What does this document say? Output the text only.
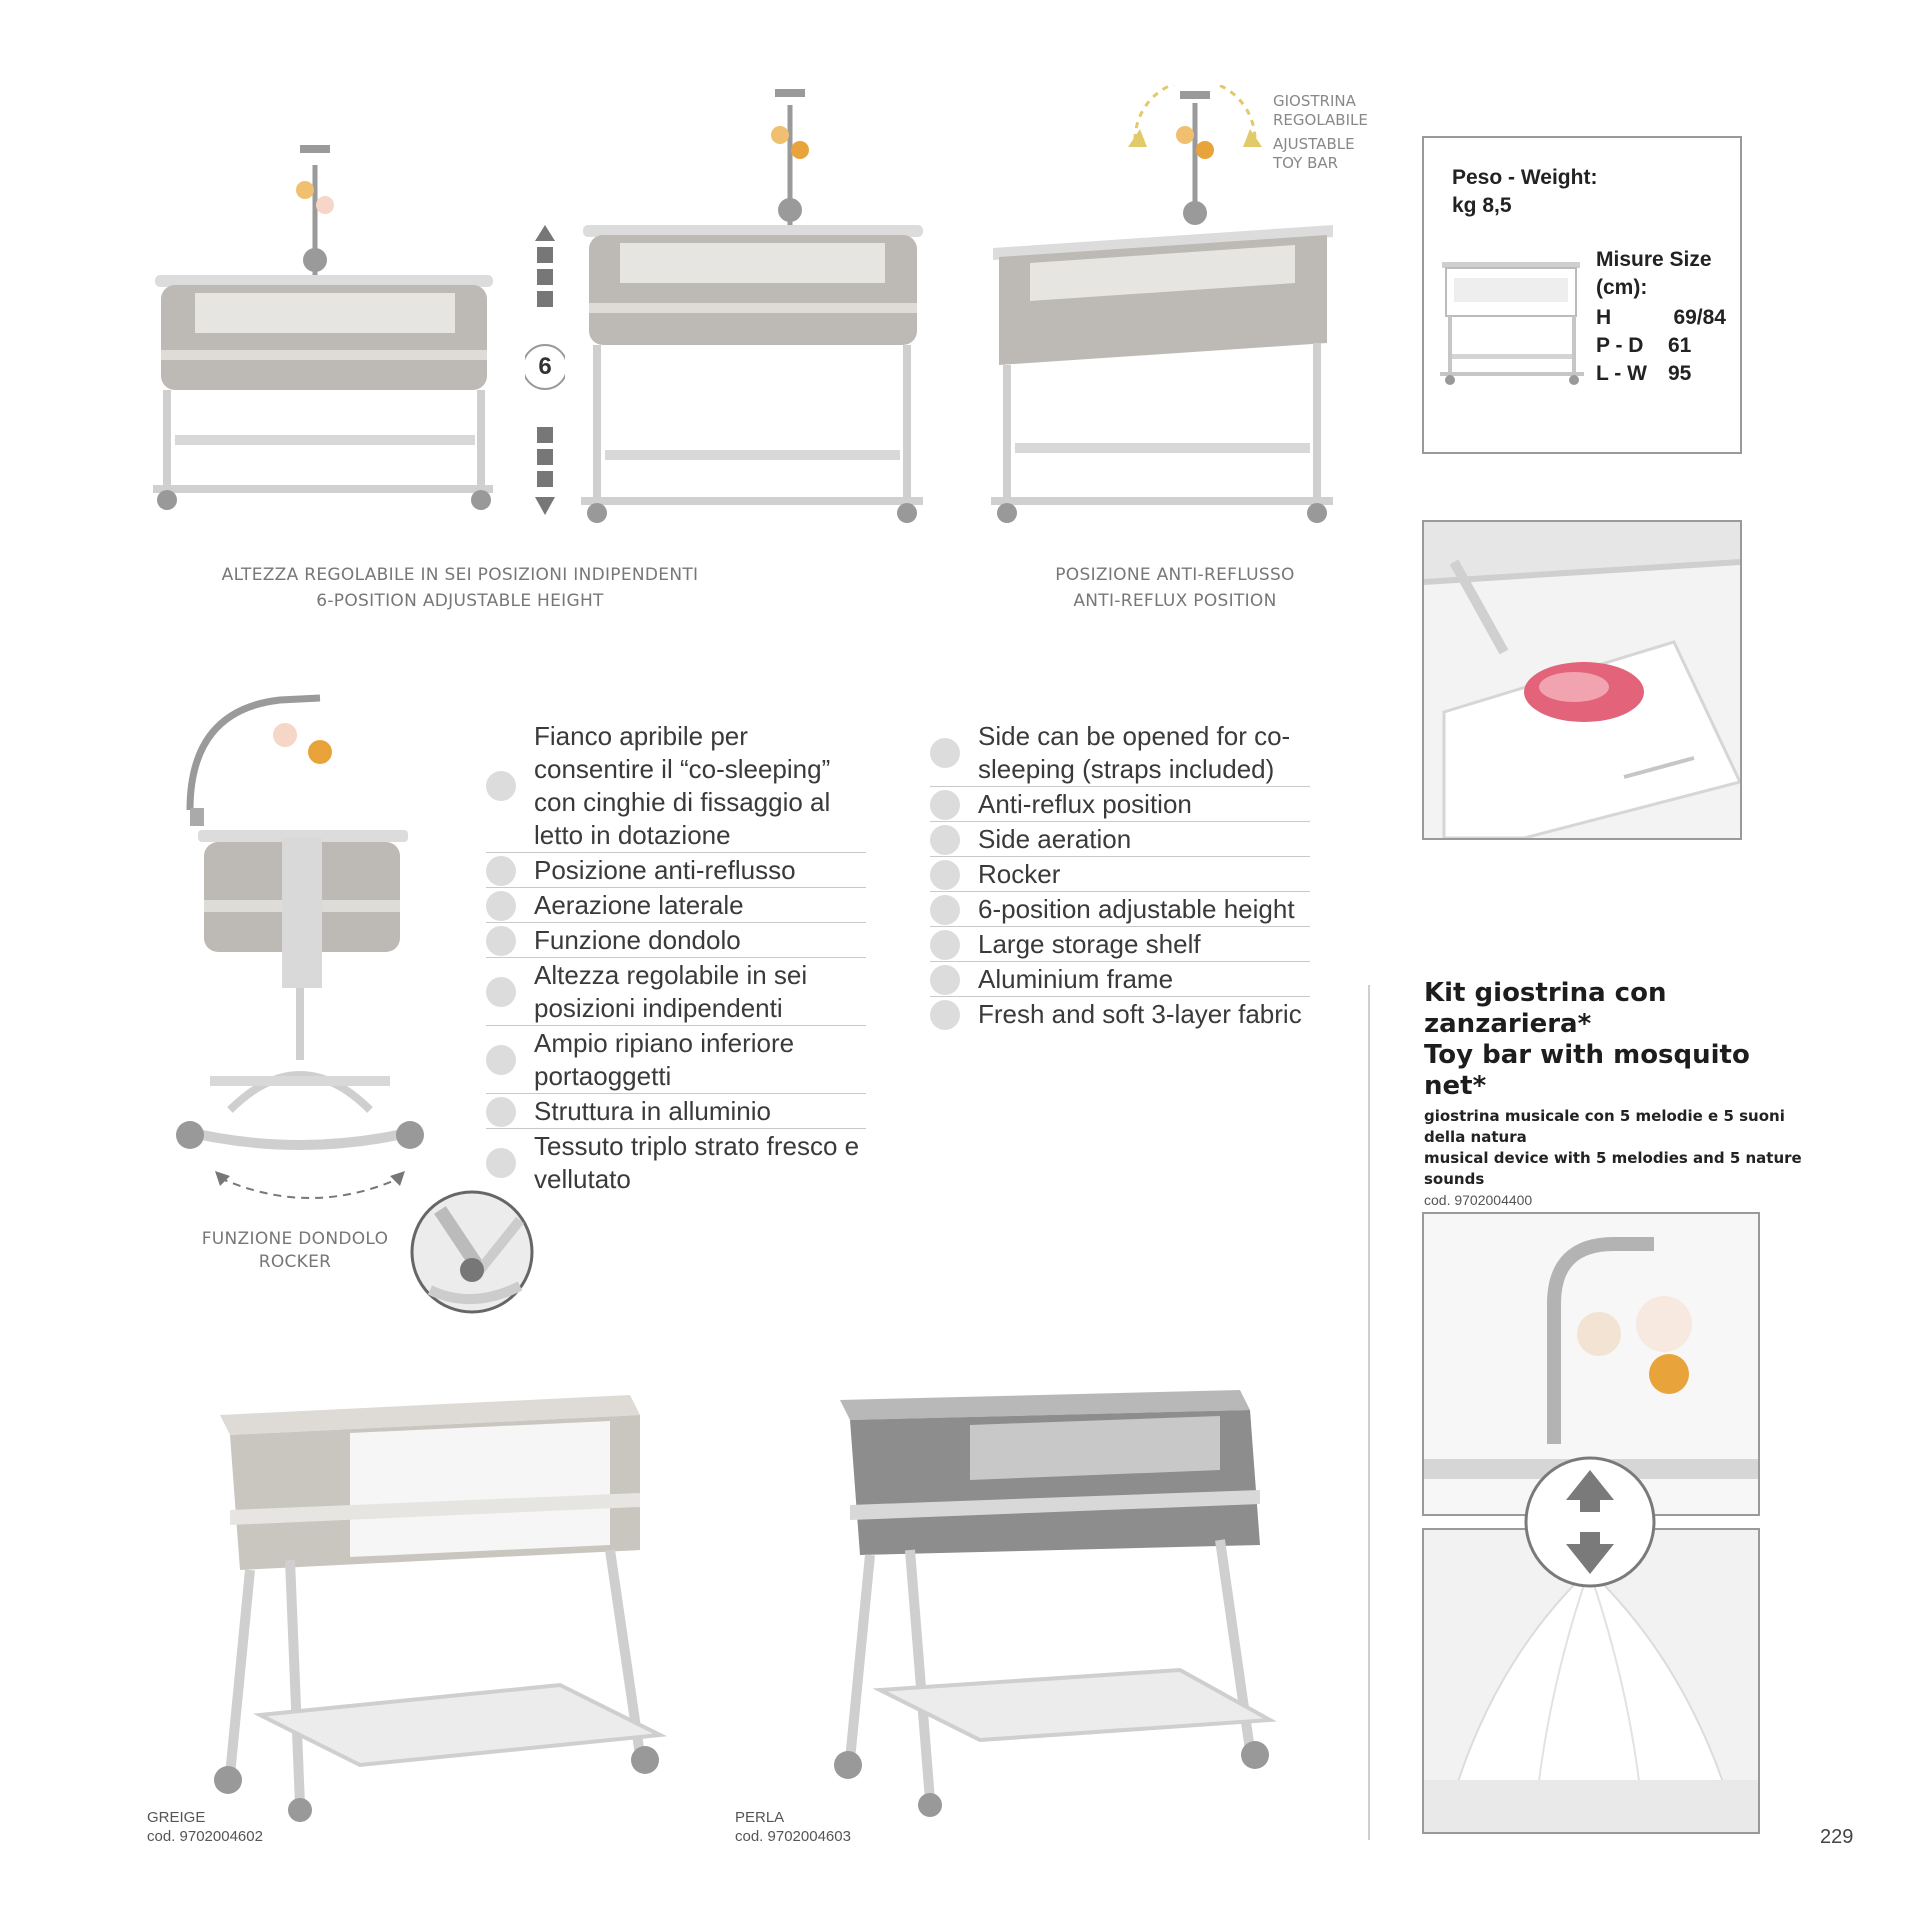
6
GIOSTRINA
REGOLABILE
AJUSTABLE
TOY BAR
ALTEZZA REGOLABILE IN SEI POSIZIONI INDIPENDENTI
6-POSITION ADJUSTABLE HEIGHT
POSIZIONE ANTI-REFLUSSO
ANTI-REFLUX POSITION
Peso - Weight:
kg 8,5
Misure Size
(cm):
H	69/84
P - D	61
L - W	95
FUNZIONE DONDOLO
ROCKER
Fianco apribile per consentire il “co-sleeping” con cinghie di fissaggio al letto in dotazione
Posizione anti-reflusso
Aerazione laterale
Funzione dondolo
Altezza regolabile in sei posizioni indipendenti
Ampio ripiano inferiore portaoggetti
Struttura in alluminio
Tessuto triplo strato fresco e vellutato
Side can be opened for co-sleeping (straps included)
Anti-reflux position
Side aeration
Rocker
6-position adjustable height
Large storage shelf
Aluminium frame
Fresh and soft 3-layer fabric
Kit giostrina con zanzariera*
Toy bar with mosquito net*
giostrina musicale con 5 melodie e 5 suoni della natura
musical device with 5 melodies and 5 nature sounds
cod. 9702004400
GREIGE
cod. 9702004602
PERLA
cod. 9702004603	229
